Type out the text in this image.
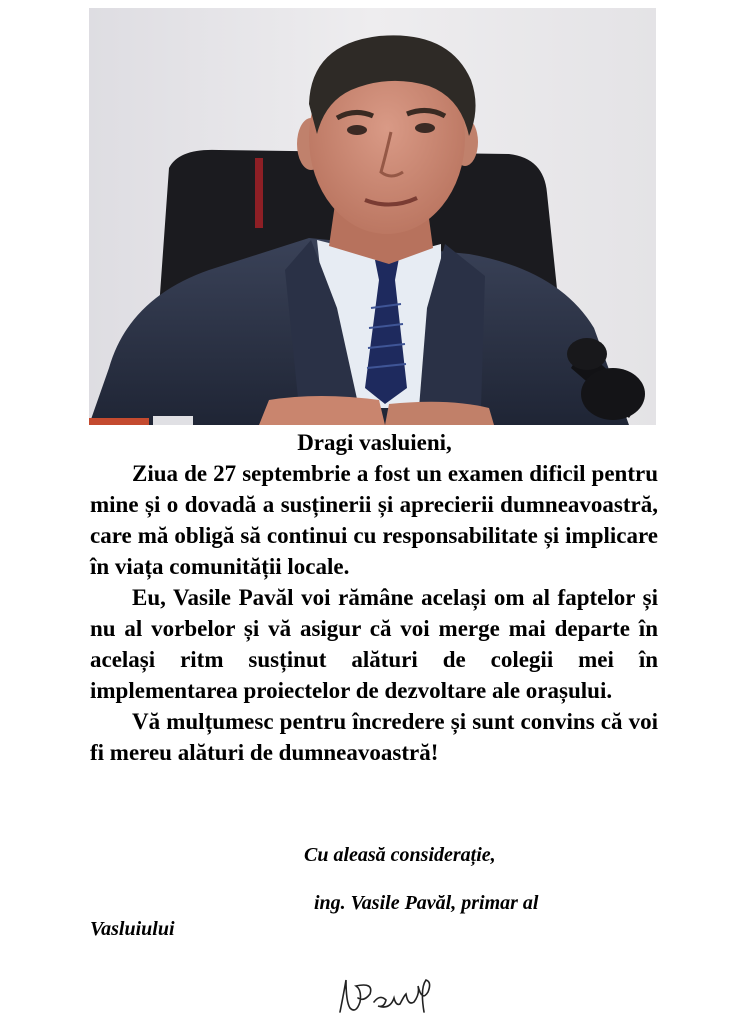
Dragi vasluieni,

Ziua de 27 septembrie a fost un examen dificil pentru mine și o dovadă a susținerii și aprecierii dumneavoastră, care mă obligă să continui cu responsabilitate și implicare în viața comunității locale.

Eu, Vasile Pavăl voi rămâne același om al faptelor și nu al vorbelor și vă asigur că voi merge mai departe în același ritm susținut alături de colegii mei în implementarea proiectelor de dezvoltare ale orașului.

Vă mulțumesc pentru încredere și sunt convins că voi fi mereu alături de dumneavoastră!

Cu aleasă considerație,
ing. Vasile Pavăl, primar al
Vasluiului
